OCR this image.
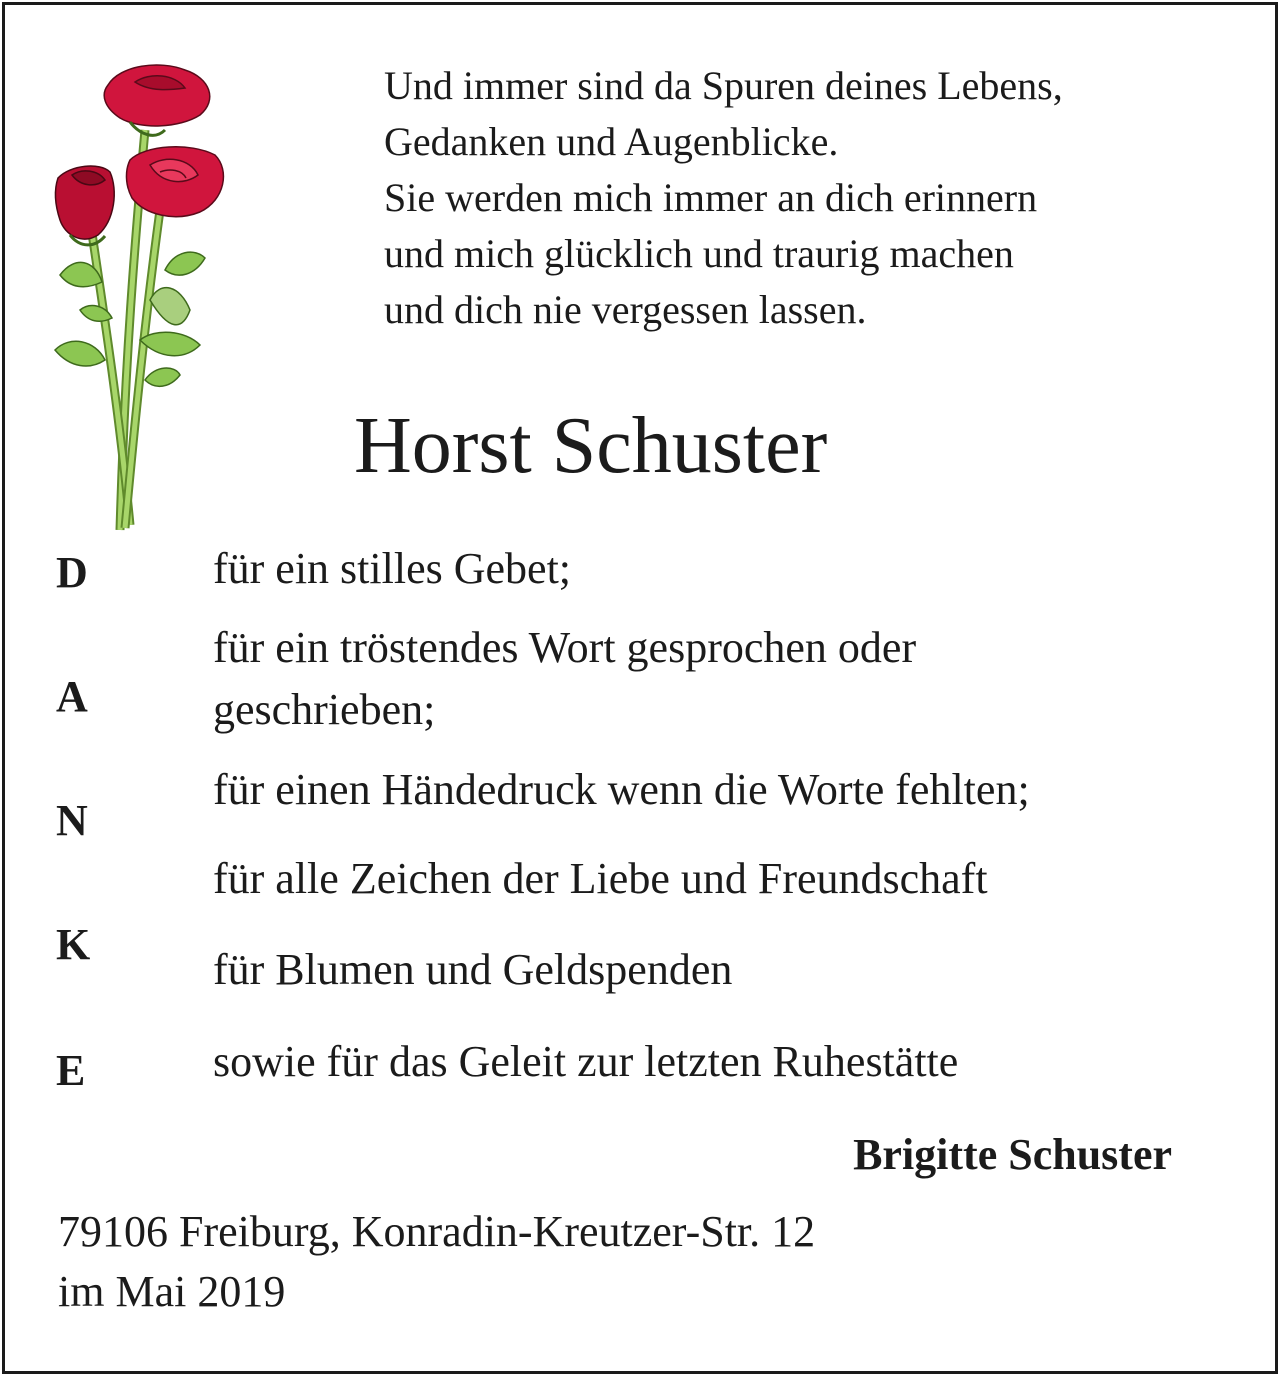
Und immer sind da Spuren deines Lebens,
Gedanken und Augenblicke.
Sie werden mich immer an dich erinnern
und mich glücklich und traurig machen
und dich nie vergessen lassen.
Horst Schuster
D
A
N
K
E
für ein stilles Gebet;
für ein tröstendes Wort gesprochen oder
geschrieben;
für einen Händedruck wenn die Worte fehlten;
für alle Zeichen der Liebe und Freundschaft
für Blumen und Geldspenden
sowie für das Geleit zur letzten Ruhestätte
Brigitte Schuster
79106 Freiburg, Konradin-Kreutzer-Str. 12
im Mai 2019
